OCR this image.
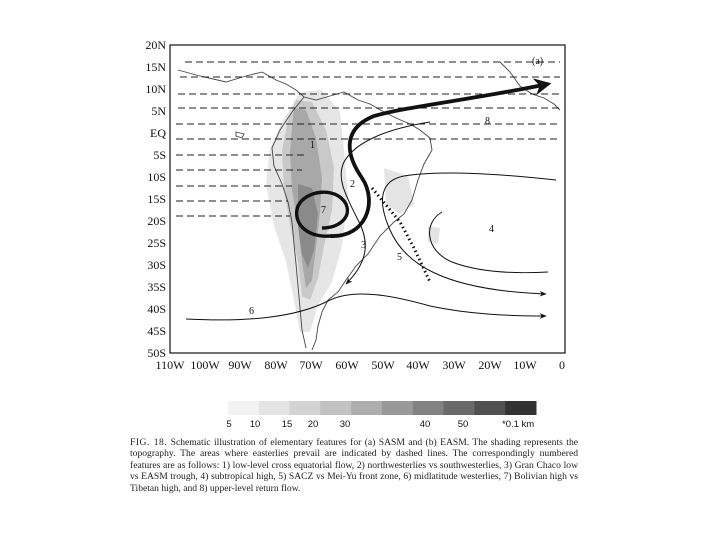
1
2
3
4
5
6
7
8
(a)
20N
15N
10N
5N
EQ
5S
10S
15S
20S
25S
30S
35S
40S
45S
50S
110W 100W 90W 80W 70W 60W 50W 40W 30W 20W 10W 0
5 10 15 20 30	40	50	*0.1 km

FIG. 18. Schematic illustration of elementary features for (a) SASM and (b) EASM. The shading represents the topography. The areas where easterlies prevail are indicated by dashed lines. The correspondingly numbered features are as follows: 1) low-level cross equatorial flow, 2) northwesterlies vs southwesterlies, 3) Gran Chaco low vs EASM trough, 4) subtropical high, 5) SACZ vs Mei-Yu front zone, 6) midlatitude westerlies, 7) Bolivian high vs Tibetan high, and 8) upper-level return flow.
